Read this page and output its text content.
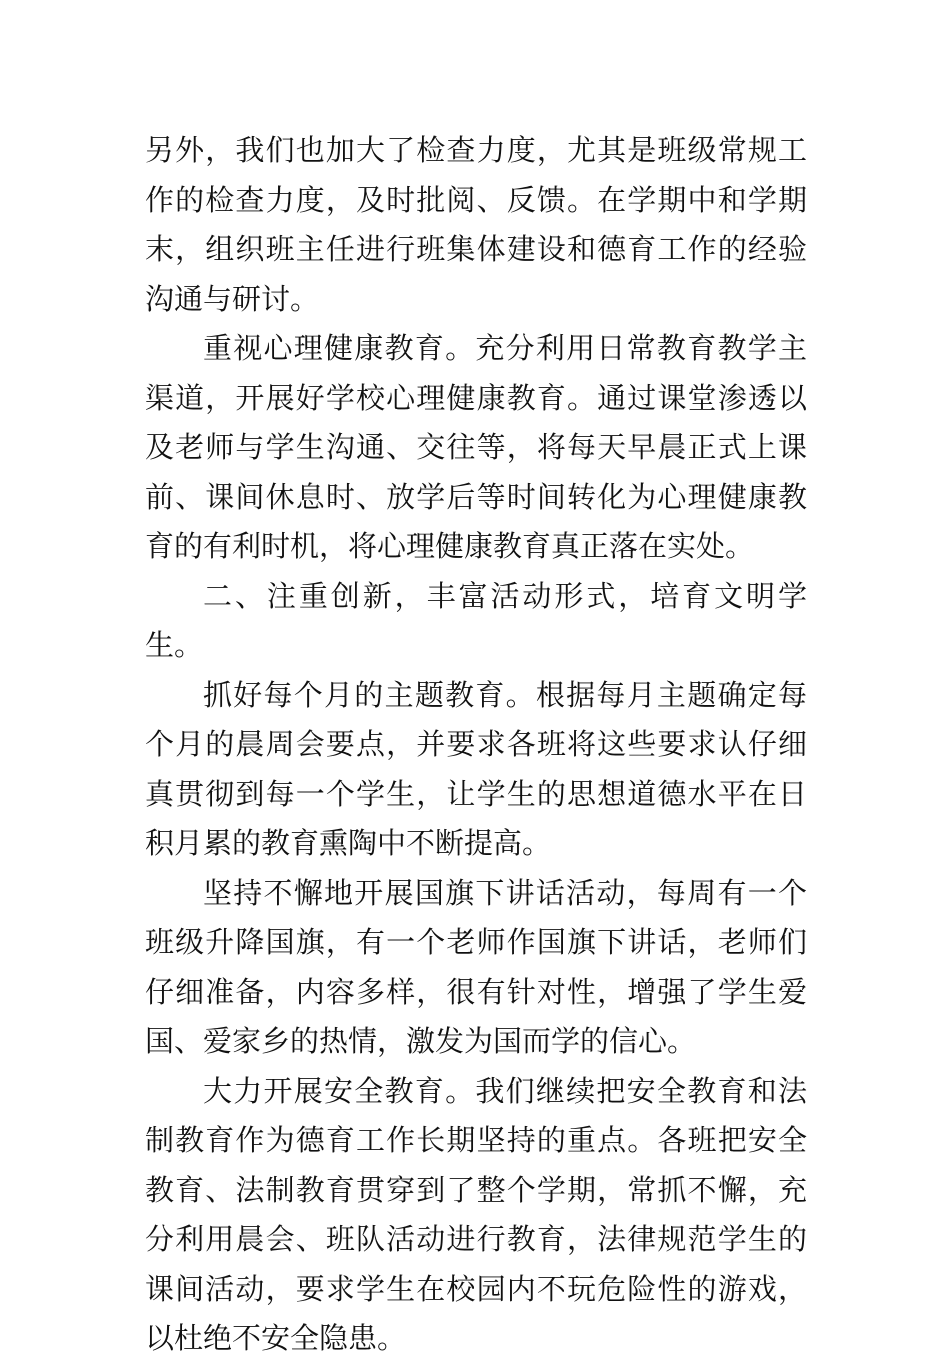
另外，我们也加大了检查力度，尤其是班级常规工作的检查力度，及时批阅、反馈。在学期中和学期末，组织班主任进行班集体建设和德育工作的经验沟通与研讨。

重视心理健康教育。充分利用日常教育教学主渠道，开展好学校心理健康教育。通过课堂渗透以及老师与学生沟通、交往等，将每天早晨正式上课前、课间休息时、放学后等时间转化为心理健康教育的有利时机，将心理健康教育真正落在实处。

二、注重创新，丰富活动形式，培育文明学生。

抓好每个月的主题教育。根据每月主题确定每个月的晨周会要点，并要求各班将这些要求认仔细真贯彻到每一个学生，让学生的思想道德水平在日积月累的教育熏陶中不断提高。

坚持不懈地开展国旗下讲话活动，每周有一个班级升降国旗，有一个老师作国旗下讲话，老师们仔细准备，内容多样，很有针对性，增强了学生爱国、爱家乡的热情，激发为国而学的信心。

大力开展安全教育。我们继续把安全教育和法制教育作为德育工作长期坚持的重点。各班把安全教育、法制教育贯穿到了整个学期，常抓不懈，充分利用晨会、班队活动进行教育，法律规范学生的课间活动，要求学生在校园内不玩危险性的游戏，以杜绝不安全隐患。
